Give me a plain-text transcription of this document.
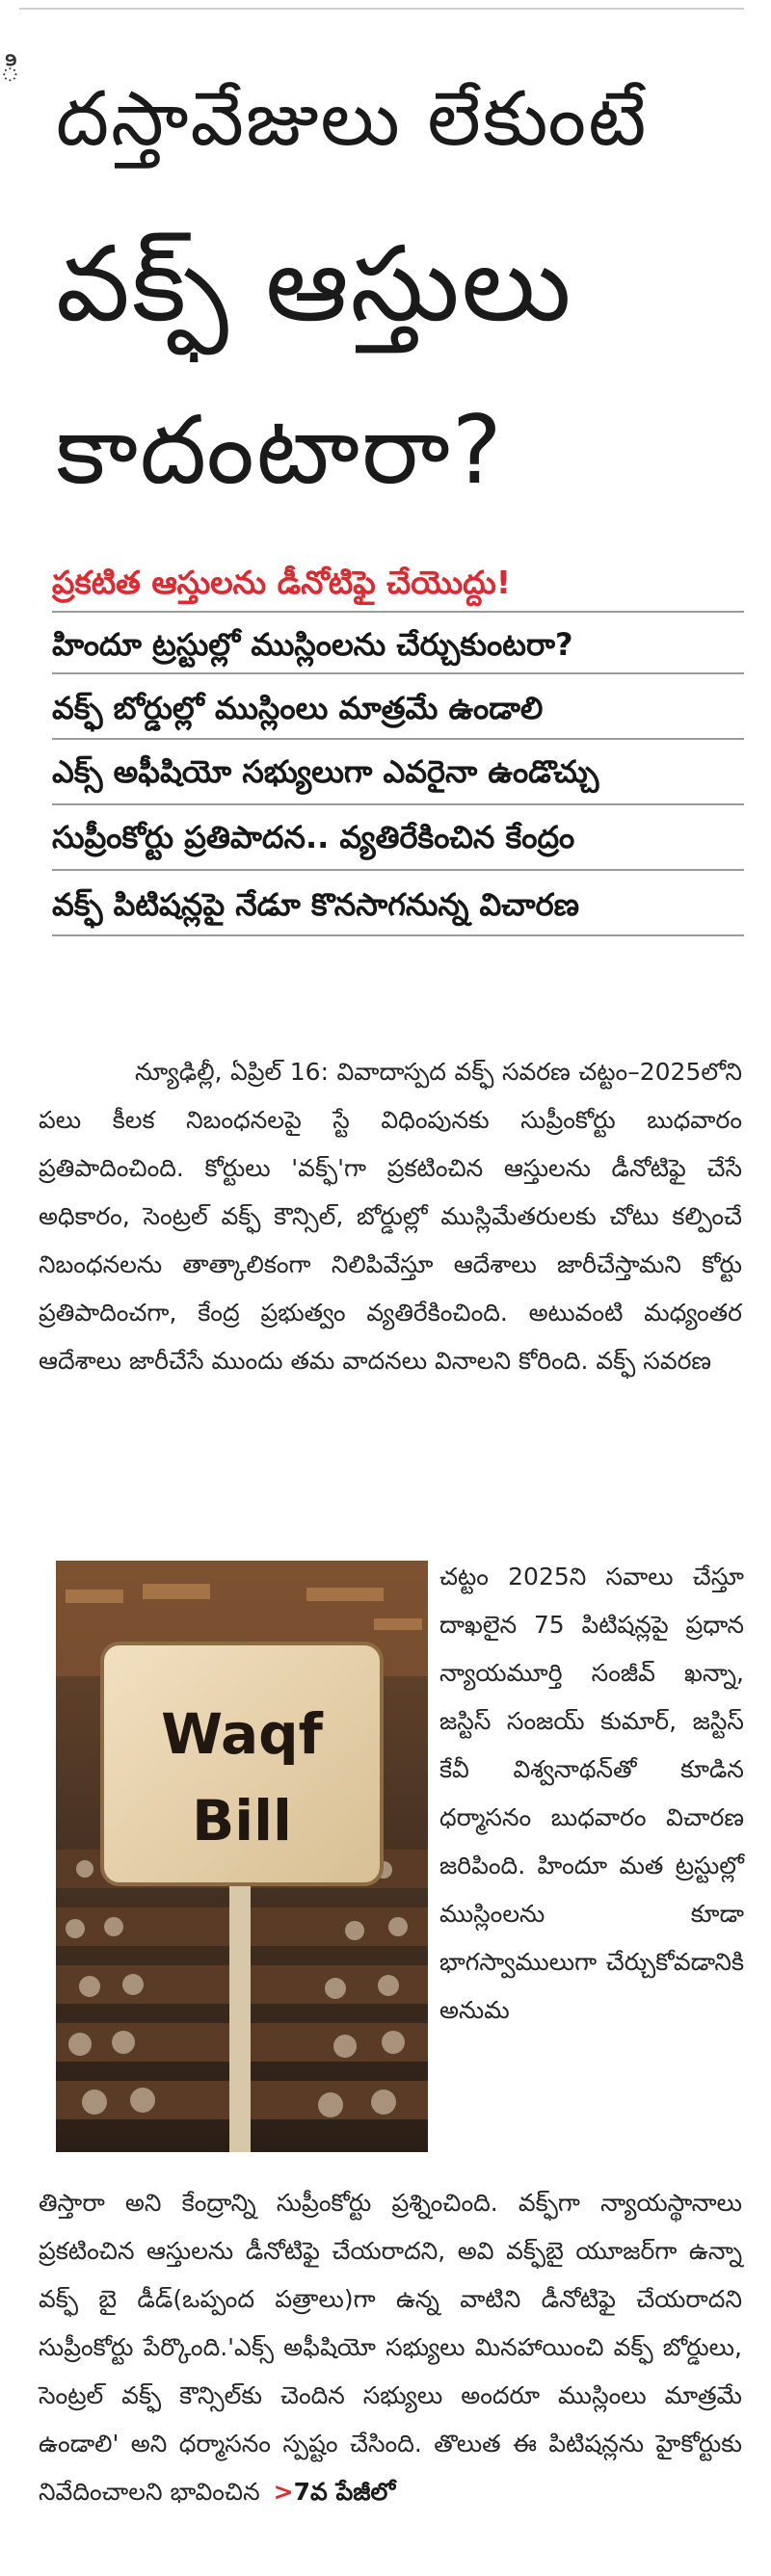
ి
దస్తావేజులు లేకుంటే
వక్ఫ్ ఆస్తులు
కాదంటారా?
ప్రకటిత ఆస్తులను డీనోటిఫై చేయొద్దు!
హిందూ ట్రస్టుల్లో ముస్లింలను చేర్చుకుంటరా?
వక్ఫ్ బోర్డుల్లో ముస్లింలు మాత్రమే ఉండాలి
ఎక్స్ అఫీషియో సభ్యులుగా ఎవరైనా ఉండొచ్చు
సుప్రీంకోర్టు ప్రతిపాదన.. వ్యతిరేకించిన కేంద్రం
వక్ఫ్ పిటిషన్లపై నేడూ కొనసాగనున్న విచారణ

న్యూఢిల్లీ, ఏప్రిల్ 16: వివాదాస్పద వక్ఫ్ సవరణ చట్టం–2025లోని పలు కీలక నిబంధనలపై స్టే విధింపునకు సుప్రీంకోర్టు బుధవారం ప్రతిపాదించింది. కోర్టులు 'వక్ఫ్'గా ప్రకటించిన ఆస్తులను డీనోటిఫై చేసే అధికారం, సెంట్రల్ వక్ఫ్ కౌన్సిల్, బోర్డుల్లో ముస్లిమేతరులకు చోటు కల్పించే నిబంధనలను తాత్కాలికంగా నిలిపివేస్తూ ఆదేశాలు జారీచేస్తామని కోర్టు ప్రతిపాదించగా, కేంద్ర ప్రభుత్వం వ్యతిరేకించింది. అటువంటి మధ్యంతర ఆదేశాలు జారీచేసే ముందు తమ వాదనలు వినాలని కోరింది. వక్ఫ్ సవరణ

Waqf
Bill

చట్టం 2025ని సవాలు చేస్తూ దాఖలైన 75 పిటిషన్లపై ప్రధాన న్యాయమూర్తి సంజీవ్ ఖన్నా, జస్టిస్ సంజయ్ కుమార్, జస్టిస్ కేవీ విశ్వనాథన్‌తో కూడిన ధర్మాసనం బుధవారం విచారణ జరిపింది. హిందూ మత ట్రస్టుల్లో ముస్లింలను కూడా భాగస్వాములుగా చేర్చుకోవడానికి అనుమ

తిస్తారా అని కేంద్రాన్ని సుప్రీంకోర్టు ప్రశ్నించింది. వక్ఫ్‌గా న్యాయస్థానాలు ప్రకటించిన ఆస్తులను డీనోటిఫై చేయరాదని, అవి వక్ఫ్‌బై యూజర్‌గా ఉన్నా వక్ఫ్ బై డీడ్(ఒప్పంద పత్రాలు)గా ఉన్న వాటిని డీనోటిఫై చేయరాదని సుప్రీంకోర్టు పేర్కొంది.'ఎక్స్ అఫీషియో సభ్యులు మినహాయించి వక్ఫ్ బోర్డులు, సెంట్రల్ వక్ఫ్ కౌన్సిల్‌కు చెందిన సభ్యులు అందరూ ముస్లింలు మాత్రమే ఉండాలి' అని ధర్మాసనం స్పష్టం చేసింది. తొలుత ఈ పిటిషన్లను హైకోర్టుకు నివేదించాలని భావించిన >7వ పేజీలో
